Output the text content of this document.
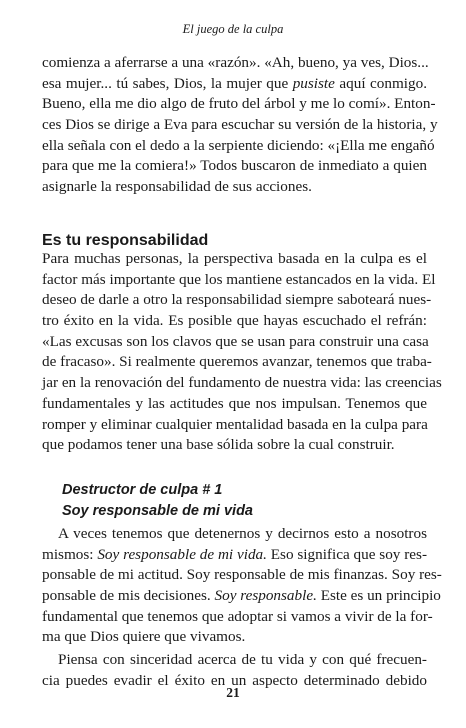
El juego de la culpa
comienza a aferrarse a una «razón». «Ah, bueno, ya ves, Dios...
esa mujer... tú sabes, Dios, la mujer que pusiste aquí conmigo.
Bueno, ella me dio algo de fruto del árbol y me lo comí». Enton-
ces Dios se dirige a Eva para escuchar su versión de la historia, y
ella señala con el dedo a la serpiente diciendo: «¡Ella me engañó
para que me la comiera!» Todos buscaron de inmediato a quien
asignarle la responsabilidad de sus acciones.
Es tu responsabilidad
Para muchas personas, la perspectiva basada en la culpa es el
factor más importante que los mantiene estancados en la vida. El
deseo de darle a otro la responsabilidad siempre saboteará nues-
tro éxito en la vida. Es posible que hayas escuchado el refrán:
«Las excusas son los clavos que se usan para construir una casa
de fracaso». Si realmente queremos avanzar, tenemos que traba-
jar en la renovación del fundamento de nuestra vida: las creencias
fundamentales y las actitudes que nos impulsan. Tenemos que
romper y eliminar cualquier mentalidad basada en la culpa para
que podamos tener una base sólida sobre la cual construir.
Destructor de culpa # 1
Soy responsable de mi vida
A veces tenemos que detenernos y decirnos esto a nosotros
mismos: Soy responsable de mi vida. Eso significa que soy res-
ponsable de mi actitud. Soy responsable de mis finanzas. Soy res-
ponsable de mis decisiones. Soy responsable. Este es un principio
fundamental que tenemos que adoptar si vamos a vivir de la for-
ma que Dios quiere que vivamos.
Piensa con sinceridad acerca de tu vida y con qué frecuen-
cia puedes evadir el éxito en un aspecto determinado debido
21
